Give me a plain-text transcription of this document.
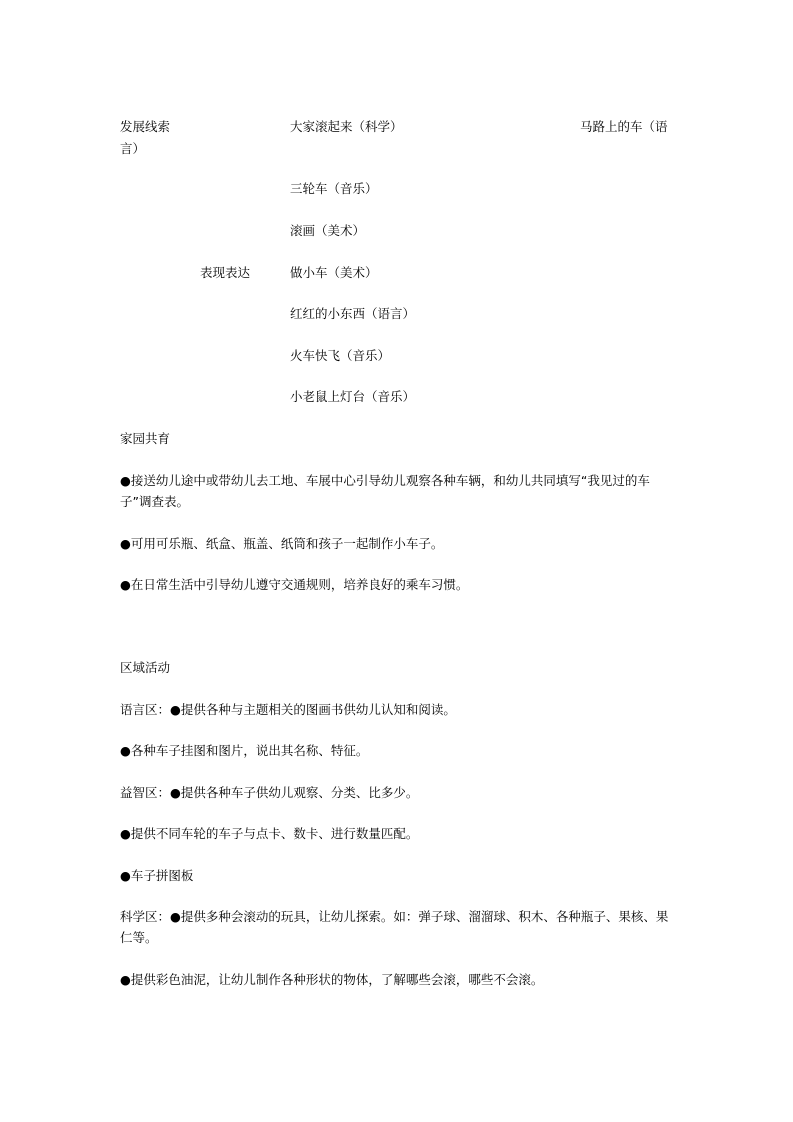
发展线索
言）
马路上的车（语
大家滚起来（科学）
三轮车（音乐）
滚画（美术）
表现表达	做小车（美术）
红红的小东西（语言）
火车快飞（音乐）
小老鼠上灯台（音乐）
家园共育
●接送幼儿途中或带幼儿去工地、车展中心引导幼儿观察各种车辆，和幼儿共同填写“我见过的车子”调查表。
●可用可乐瓶、纸盒、瓶盖、纸筒和孩子一起制作小车子。
●在日常生活中引导幼儿遵守交通规则，培养良好的乘车习惯。
区域活动
语言区：●提供各种与主题相关的图画书供幼儿认知和阅读。
●各种车子挂图和图片，说出其名称、特征。
益智区：●提供各种车子供幼儿观察、分类、比多少。
●提供不同车轮的车子与点卡、数卡、进行数量匹配。
●车子拼图板
科学区：●提供多种会滚动的玩具，让幼儿探索。如：弹子球、溜溜球、积木、各种瓶子、果核、果仁等。
●提供彩色油泥，让幼儿制作各种形状的物体，了解哪些会滚，哪些不会滚。
